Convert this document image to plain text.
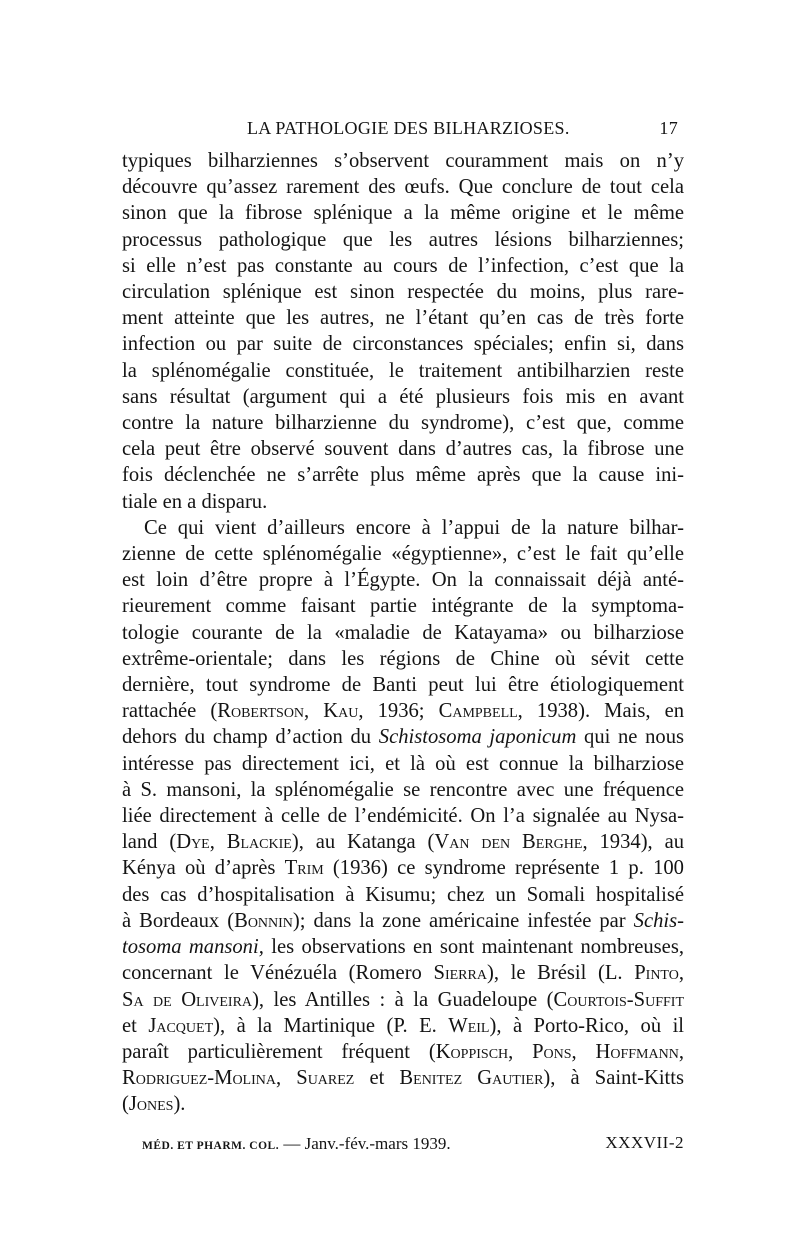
LA PATHOLOGIE DES BILHARZIOSES.	17
typiques bilharziennes s’observent couramment mais on n’y
découvre qu’assez rarement des œufs. Que conclure de tout cela
sinon que la fibrose splénique a la même origine et le même
processus pathologique que les autres lésions bilharziennes;
si elle n’est pas constante au cours de l’infection, c’est que la
circulation splénique est sinon respectée du moins, plus rare-
ment atteinte que les autres, ne l’étant qu’en cas de très forte
infection ou par suite de circonstances spéciales; enfin si, dans
la splénomégalie constituée, le traitement antibilharzien reste
sans résultat (argument qui a été plusieurs fois mis en avant
contre la nature bilharzienne du syndrome), c’est que, comme
cela peut être observé souvent dans d’autres cas, la fibrose une
fois déclenchée ne s’arrête plus même après que la cause ini-
tiale en a disparu.
Ce qui vient d’ailleurs encore à l’appui de la nature bilhar-
zienne de cette splénomégalie «égyptienne», c’est le fait qu’elle
est loin d’être propre à l’Égypte. On la connaissait déjà anté-
rieurement comme faisant partie intégrante de la symptoma-
tologie courante de la «maladie de Katayama» ou bilharziose
extrême-orientale; dans les régions de Chine où sévit cette
dernière, tout syndrome de Banti peut lui être étiologiquement
rattachée (Robertson, Kau, 1936; Campbell, 1938). Mais, en
dehors du champ d’action du Schistosoma japonicum qui ne nous
intéresse pas directement ici, et là où est connue la bilharziose
à S. mansoni, la splénomégalie se rencontre avec une fréquence
liée directement à celle de l’endémicité. On l’a signalée au Nysa-
land (Dye, Blackie), au Katanga (Van den Berghe, 1934), au
Kénya où d’après Trim (1936) ce syndrome représente 1 p. 100
des cas d’hospitalisation à Kisumu; chez un Somali hospitalisé
à Bordeaux (Bonnin); dans la zone américaine infestée par Schis-
tosoma mansoni, les observations en sont maintenant nombreuses,
concernant le Vénézuéla (Romero Sierra), le Brésil (L. Pinto,
Sa de Oliveira), les Antilles : à la Guadeloupe (Courtois-Suffit
et Jacquet), à la Martinique (P. E. Weil), à Porto-Rico, où il
paraît particulièrement fréquent (Koppisch, Pons, Hoffmann,
Rodriguez-Molina, Suarez et Benitez Gautier), à Saint-Kitts
(Jones).
MÉD. ET PHARM. COL. — Janv.-fév.-mars 1939.	XXXVII-2
